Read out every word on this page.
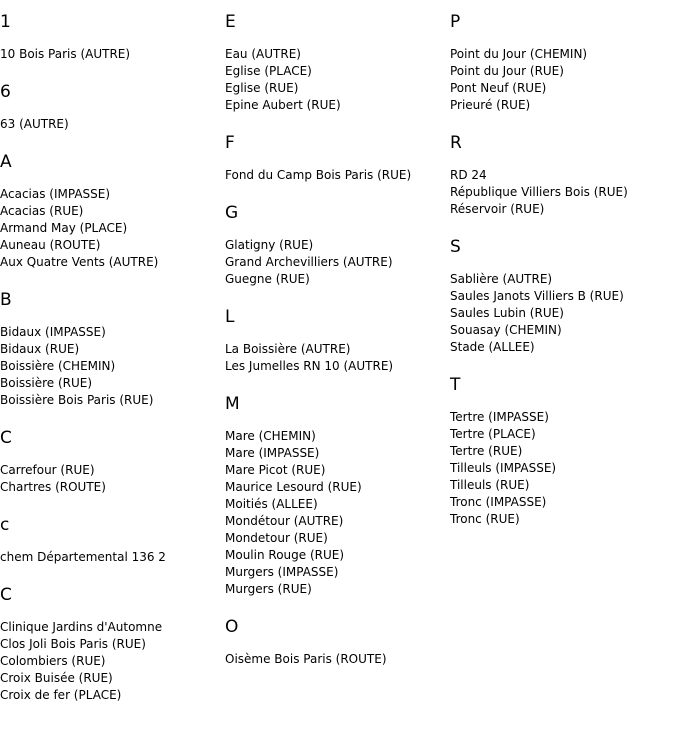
1
10 Bois Paris (AUTRE)
6
63 (AUTRE)
A
Acacias (IMPASSE)
Acacias (RUE)
Armand May (PLACE)
Auneau (ROUTE)
Aux Quatre Vents (AUTRE)
B
Bidaux (IMPASSE)
Bidaux (RUE)
Boissière (CHEMIN)
Boissière (RUE)
Boissière Bois Paris (RUE)
C
Carrefour (RUE)
Chartres (ROUTE)
c
chem Départemental 136 2
C
Clinique Jardins d'Automne
Clos Joli Bois Paris (RUE)
Colombiers (RUE)
Croix Buisée (RUE)
Croix de fer (PLACE)
E
Eau (AUTRE)
Eglise (PLACE)
Eglise (RUE)
Epine Aubert (RUE)
F
Fond du Camp Bois Paris (RUE)
G
Glatigny (RUE)
Grand Archevilliers (AUTRE)
Guegne (RUE)
L
La Boissière (AUTRE)
Les Jumelles RN 10 (AUTRE)
M
Mare (CHEMIN)
Mare (IMPASSE)
Mare Picot (RUE)
Maurice Lesourd (RUE)
Moitiés (ALLEE)
Mondétour (AUTRE)
Mondetour (RUE)
Moulin Rouge (RUE)
Murgers (IMPASSE)
Murgers (RUE)
O
Oisème Bois Paris (ROUTE)
P
Point du Jour (CHEMIN)
Point du Jour (RUE)
Pont Neuf (RUE)
Prieuré (RUE)
R
RD 24
République Villiers Bois (RUE)
Réservoir (RUE)
S
Sablière (AUTRE)
Saules Janots Villiers B (RUE)
Saules Lubin (RUE)
Souasay (CHEMIN)
Stade (ALLEE)
T
Tertre (IMPASSE)
Tertre (PLACE)
Tertre (RUE)
Tilleuls (IMPASSE)
Tilleuls (RUE)
Tronc (IMPASSE)
Tronc (RUE)
